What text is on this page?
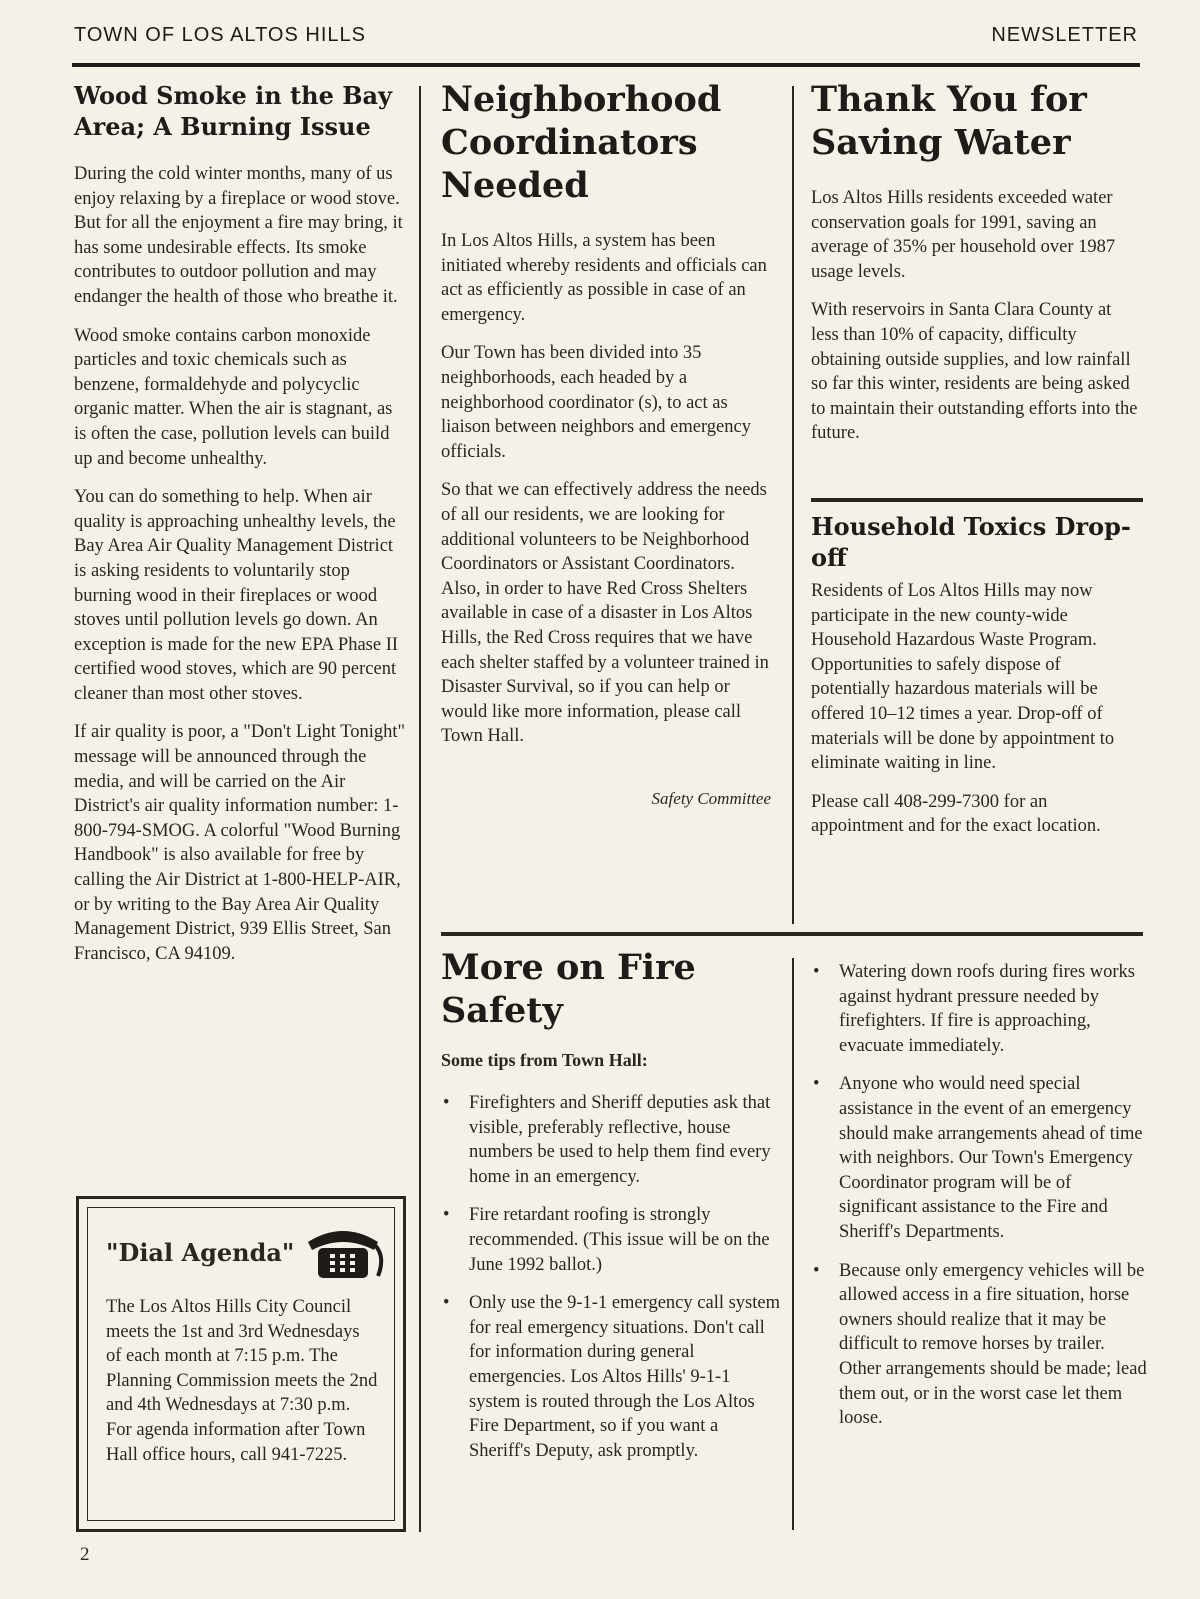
TOWN OF LOS ALTOS HILLS	NEWSLETTER
Wood Smoke in the Bay Area; A Burning Issue

During the cold winter months, many of us enjoy relaxing by a fireplace or wood stove. But for all the enjoyment a fire may bring, it has some undesirable effects. Its smoke contributes to outdoor pollution and may endanger the health of those who breathe it.

Wood smoke contains carbon monoxide particles and toxic chemicals such as benzene, formaldehyde and polycyclic organic matter. When the air is stagnant, as is often the case, pollution levels can build up and become unhealthy.

You can do something to help. When air quality is approaching unhealthy levels, the Bay Area Air Quality Management District is asking residents to voluntarily stop burning wood in their fireplaces or wood stoves until pollution levels go down. An exception is made for the new EPA Phase II certified wood stoves, which are 90 percent cleaner than most other stoves.

If air quality is poor, a "Don't Light Tonight" message will be announced through the media, and will be carried on the Air District's air quality information number: 1-800-794-SMOG. A colorful "Wood Burning Handbook" is also available for free by calling the Air District at 1-800-HELP-AIR, or by writing to the Bay Area Air Quality Management District, 939 Ellis Street, San Francisco, CA 94109.

"Dial Agenda"
The Los Altos Hills City Council meets the 1st and 3rd Wednesdays of each month at 7:15 p.m. The Planning Commission meets the 2nd and 4th Wednesdays at 7:30 p.m. For agenda information after Town Hall office hours, call 941-7225.
Neighborhood Coordinators Needed

In Los Altos Hills, a system has been initiated whereby residents and officials can act as efficiently as possible in case of an emergency.

Our Town has been divided into 35 neighborhoods, each headed by a neighborhood coordinator (s), to act as liaison between neighbors and emergency officials.

So that we can effectively address the needs of all our residents, we are looking for additional volunteers to be Neighborhood Coordinators or Assistant Coordinators. Also, in order to have Red Cross Shelters available in case of a disaster in Los Altos Hills, the Red Cross requires that we have each shelter staffed by a volunteer trained in Disaster Survival, so if you can help or would like more information, please call Town Hall.

Safety Committee
Thank You for Saving Water

Los Altos Hills residents exceeded water conservation goals for 1991, saving an average of 35% per household over 1987 usage levels.

With reservoirs in Santa Clara County at less than 10% of capacity, difficulty obtaining outside supplies, and low rainfall so far this winter, residents are being asked to maintain their outstanding efforts into the future.

Household Toxics Drop-off

Residents of Los Altos Hills may now participate in the new county-wide Household Hazardous Waste Program. Opportunities to safely dispose of potentially hazardous materials will be offered 10–12 times a year. Drop-off of materials will be done by appointment to eliminate waiting in line.

Please call 408-299-7300 for an appointment and for the exact location.

More on Fire Safety
Some tips from Town Hall:
• Firefighters and Sheriff deputies ask that visible, preferably reflective, house numbers be used to help them find every home in an emergency.
• Fire retardant roofing is strongly recommended. (This issue will be on the June 1992 ballot.)
• Only use the 9-1-1 emergency call system for real emergency situations. Don't call for information during general emergencies. Los Altos Hills' 9-1-1 system is routed through the Los Altos Fire Department, so if you want a Sheriff's Deputy, ask promptly.
• Watering down roofs during fires works against hydrant pressure needed by firefighters. If fire is approaching, evacuate immediately.
• Anyone who would need special assistance in the event of an emergency should make arrangements ahead of time with neighbors. Our Town's Emergency Coordinator program will be of significant assistance to the Fire and Sheriff's Departments.
• Because only emergency vehicles will be allowed access in a fire situation, horse owners should realize that it may be difficult to remove horses by trailer. Other arrangements should be made; lead them out, or in the worst case let them loose.
2
